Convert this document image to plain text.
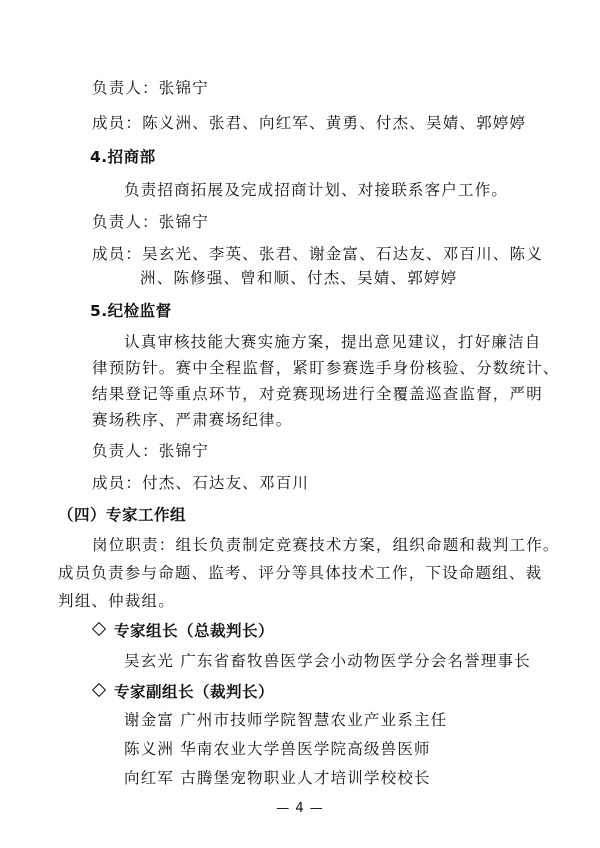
负责人：张锦宁
成员：陈义洲、张君、向红军、黄勇、付杰、吴婧、郭婷婷
4.招商部
负责招商拓展及完成招商计划、对接联系客户工作。
负责人：张锦宁
成员：吴玄光、李英、张君、谢金富、石达友、邓百川、陈义
洲、陈修强、曾和顺、付杰、吴婧、郭婷婷
5.纪检监督
认真审核技能大赛实施方案，提出意见建议，打好廉洁自
律预防针。赛中全程监督，紧盯参赛选手身份核验、分数统计、
结果登记等重点环节，对竞赛现场进行全覆盖巡查监督，严明
赛场秩序、严肃赛场纪律。
负责人：张锦宁
成员：付杰、石达友、邓百川
（四）专家工作组
岗位职责：组长负责制定竞赛技术方案，组织命题和裁判工作。
成员负责参与命题、监考、评分等具体技术工作，下设命题组、裁
判组、仲裁组。
专家组长（总裁判长）
吴玄光 广东省畜牧兽医学会小动物医学分会名誉理事长
专家副组长（裁判长）
谢金富 广州市技师学院智慧农业产业系主任
陈义洲 华南农业大学兽医学院高级兽医师
向红军 古腾堡宠物职业人才培训学校校长
— 4 —
